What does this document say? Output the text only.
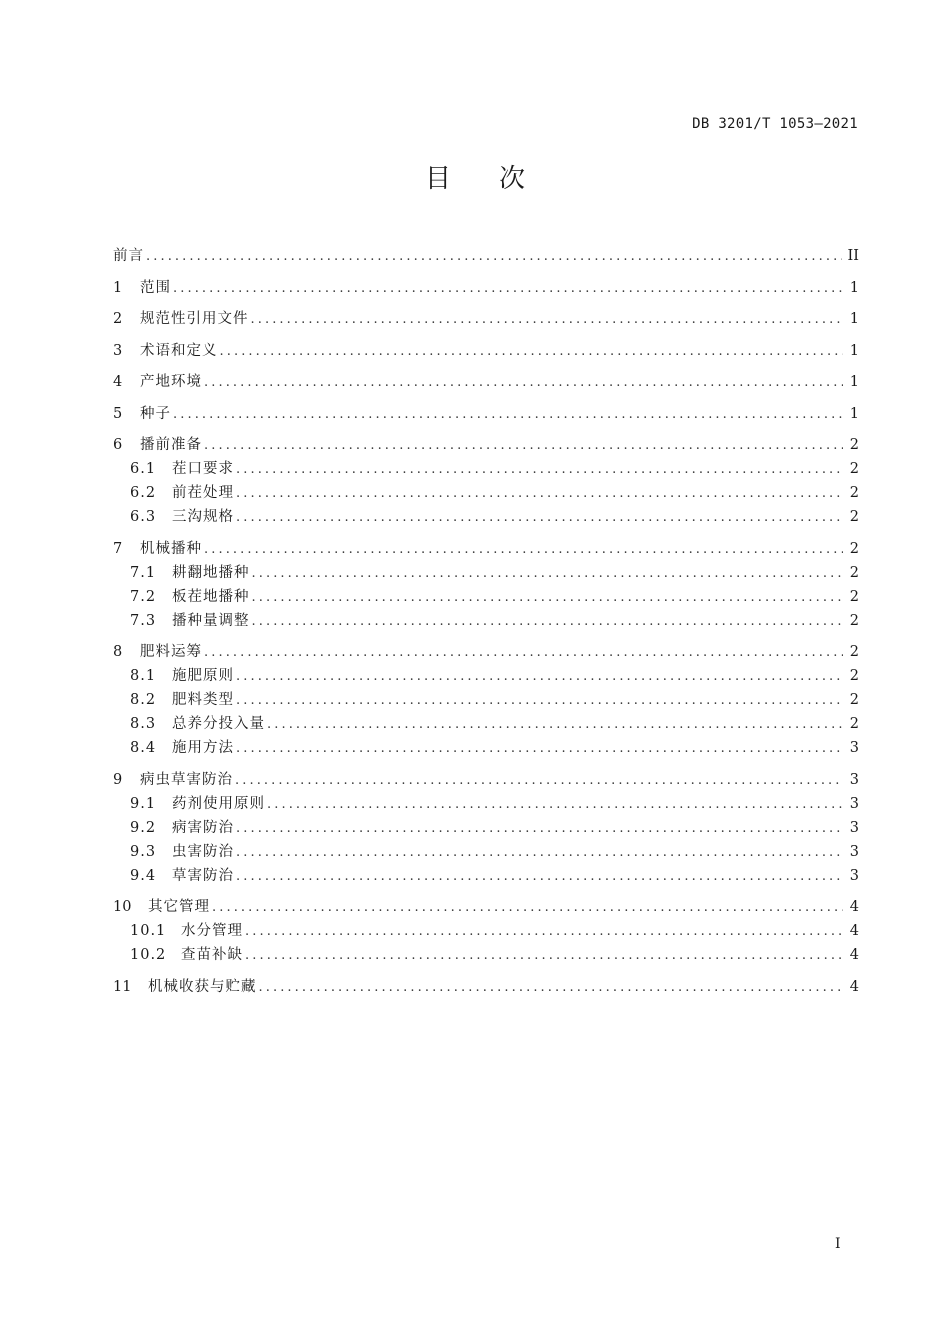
DB 3201/T 1053—2021
目次
前言 .....	II
1	范围 .....	1
2	规范性引用文件 .....	1
3	术语和定义 .....	1
4	产地环境 .....	1
5	种子 .....	1
6	播前准备 .....	2
6.1	茬口要求 .....	2
6.2	前茬处理 .....	2
6.3	三沟规格 .....	2
7	机械播种 .....	2
7.1	耕翻地播种 .....	2
7.2	板茬地播种 .....	2
7.3	播种量调整 .....	2
8	肥料运筹 .....	2
8.1	施肥原则 .....	2
8.2	肥料类型 .....	2
8.3	总养分投入量 .....	2
8.4	施用方法 .....	3
9	病虫草害防治 .....	3
9.1	药剂使用原则 .....	3
9.2	病害防治 .....	3
9.3	虫害防治 .....	3
9.4	草害防治 .....	3
10	其它管理 .....	4
10.1	水分管理 .....	4
10.2	查苗补缺 .....	4
11	机械收获与贮藏 .....	4
I
